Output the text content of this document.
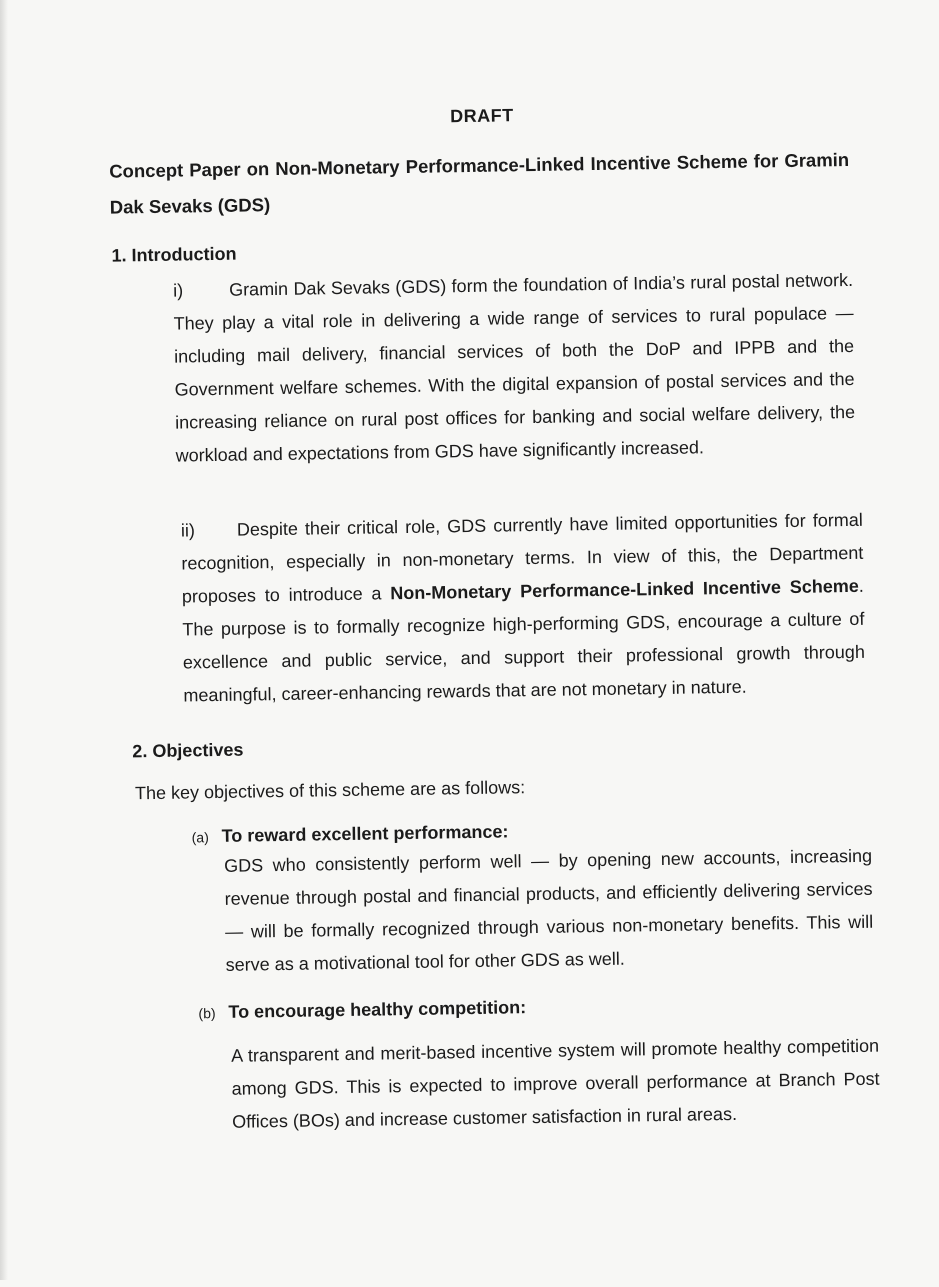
DRAFT
Concept Paper on Non-Monetary Performance-Linked Incentive Scheme for Gramin Dak Sevaks (GDS)
1. Introduction
i)	Gramin Dak Sevaks (GDS) form the foundation of India’s rural postal network. They play a vital role in delivering a wide range of services to rural populace — including mail delivery, financial services of both the DoP and IPPB and the Government welfare schemes. With the digital expansion of postal services and the increasing reliance on rural post offices for banking and social welfare delivery, the workload and expectations from GDS have significantly increased.
ii) Despite their critical role, GDS currently have limited opportunities for formal recognition, especially in non-monetary terms. In view of this, the Department proposes to introduce a Non-Monetary Performance-Linked Incentive Scheme. The purpose is to formally recognize high-performing GDS, encourage a culture of excellence and public service, and support their professional growth through meaningful, career-enhancing rewards that are not monetary in nature.
2. Objectives
The key objectives of this scheme are as follows:
(a) To reward excellent performance:
GDS who consistently perform well — by opening new accounts, increasing revenue through postal and financial products, and efficiently delivering services — will be formally recognized through various non-monetary benefits. This will serve as a motivational tool for other GDS as well.
(b) To encourage healthy competition:
A transparent and merit-based incentive system will promote healthy competition among GDS. This is expected to improve overall performance at Branch Post Offices (BOs) and increase customer satisfaction in rural areas.
